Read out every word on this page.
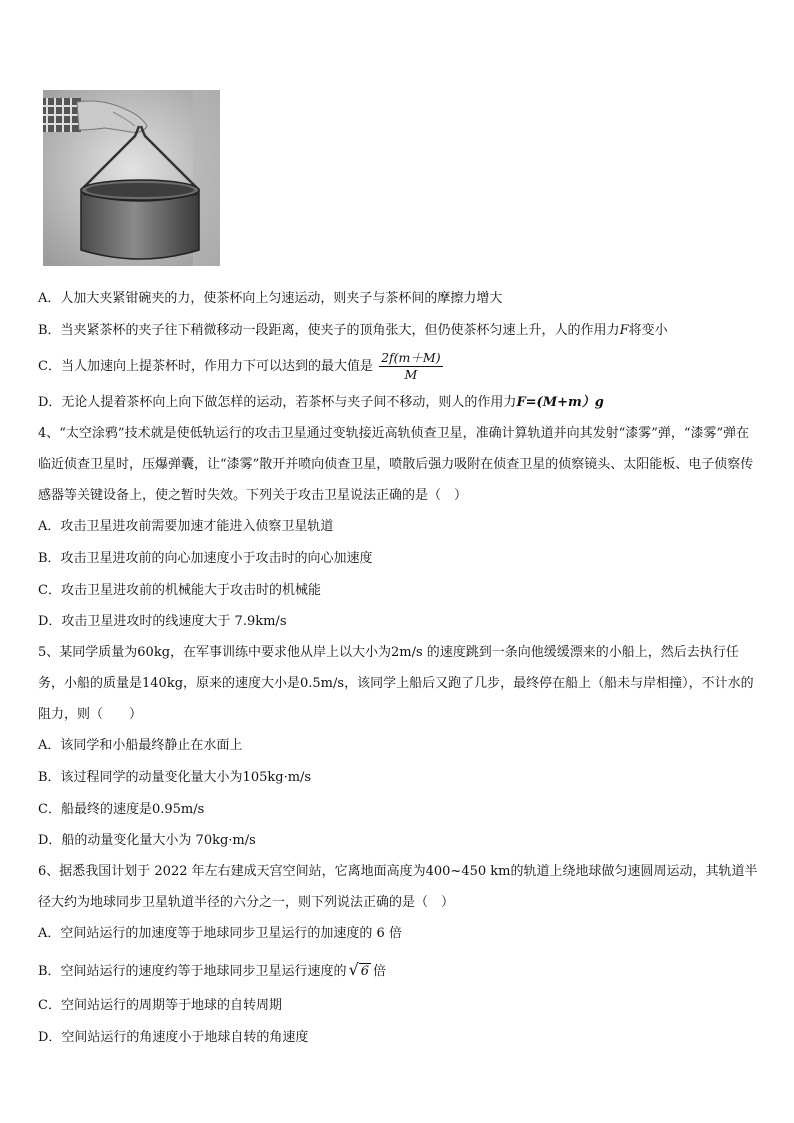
A．人加大夹紧钳碗夹的力，使茶杯向上匀速运动，则夹子与茶杯间的摩擦力增大
B．当夹紧茶杯的夹子往下稍微移动一段距离，使夹子的顶角张大，但仍使茶杯匀速上升，人的作用力F将变小
C．当人加速向上提茶杯时，作用力下可以达到的最大值是 $\frac{2f(m+M)}{M}$
D．无论人提着茶杯向上向下做怎样的运动，若茶杯与夹子间不移动，则人的作用力F=(M+m）g
4、“太空涂鸦”技术就是使低轨运行的攻击卫星通过变轨接近高轨侦查卫星，准确计算轨道并向其发射“漆雾”弹，“漆雾”弹在临近侦查卫星时，压爆弹囊，让“漆雾”散开并喷向侦查卫星，喷散后强力吸附在侦查卫星的侦察镜头、太阳能板、电子侦察传感器等关键设备上，使之暂时失效。下列关于攻击卫星说法正确的是（　）
A．攻击卫星进攻前需要加速才能进入侦察卫星轨道
B．攻击卫星进攻前的向心加速度小于攻击时的向心加速度
C．攻击卫星进攻前的机械能大于攻击时的机械能
D．攻击卫星进攻时的线速度大于 7.9km/s
5、某同学质量为60kg，在军事训练中要求他从岸上以大小为2m/s 的速度跳到一条向他缓缓漂来的小船上，然后去执行任务，小船的质量是140kg，原来的速度大小是0.5m/s，该同学上船后又跑了几步，最终停在船上（船未与岸相撞），不计水的阻力，则（　　）
A．该同学和小船最终静止在水面上
B．该过程同学的动量变化量大小为105kg·m/s
C．船最终的速度是0.95m/s
D．船的动量变化量大小为 70kg·m/s
6、据悉我国计划于 2022 年左右建成天宫空间站，它离地面高度为400~450 km的轨道上绕地球做匀速圆周运动，其轨道半径大约为地球同步卫星轨道半径的六分之一，则下列说法正确的是（　）
A．空间站运行的加速度等于地球同步卫星运行的加速度的 6 倍
B．空间站运行的速度约等于地球同步卫星运行速度的 √ 6 倍
C．空间站运行的周期等于地球的自转周期
D．空间站运行的角速度小于地球自转的角速度
